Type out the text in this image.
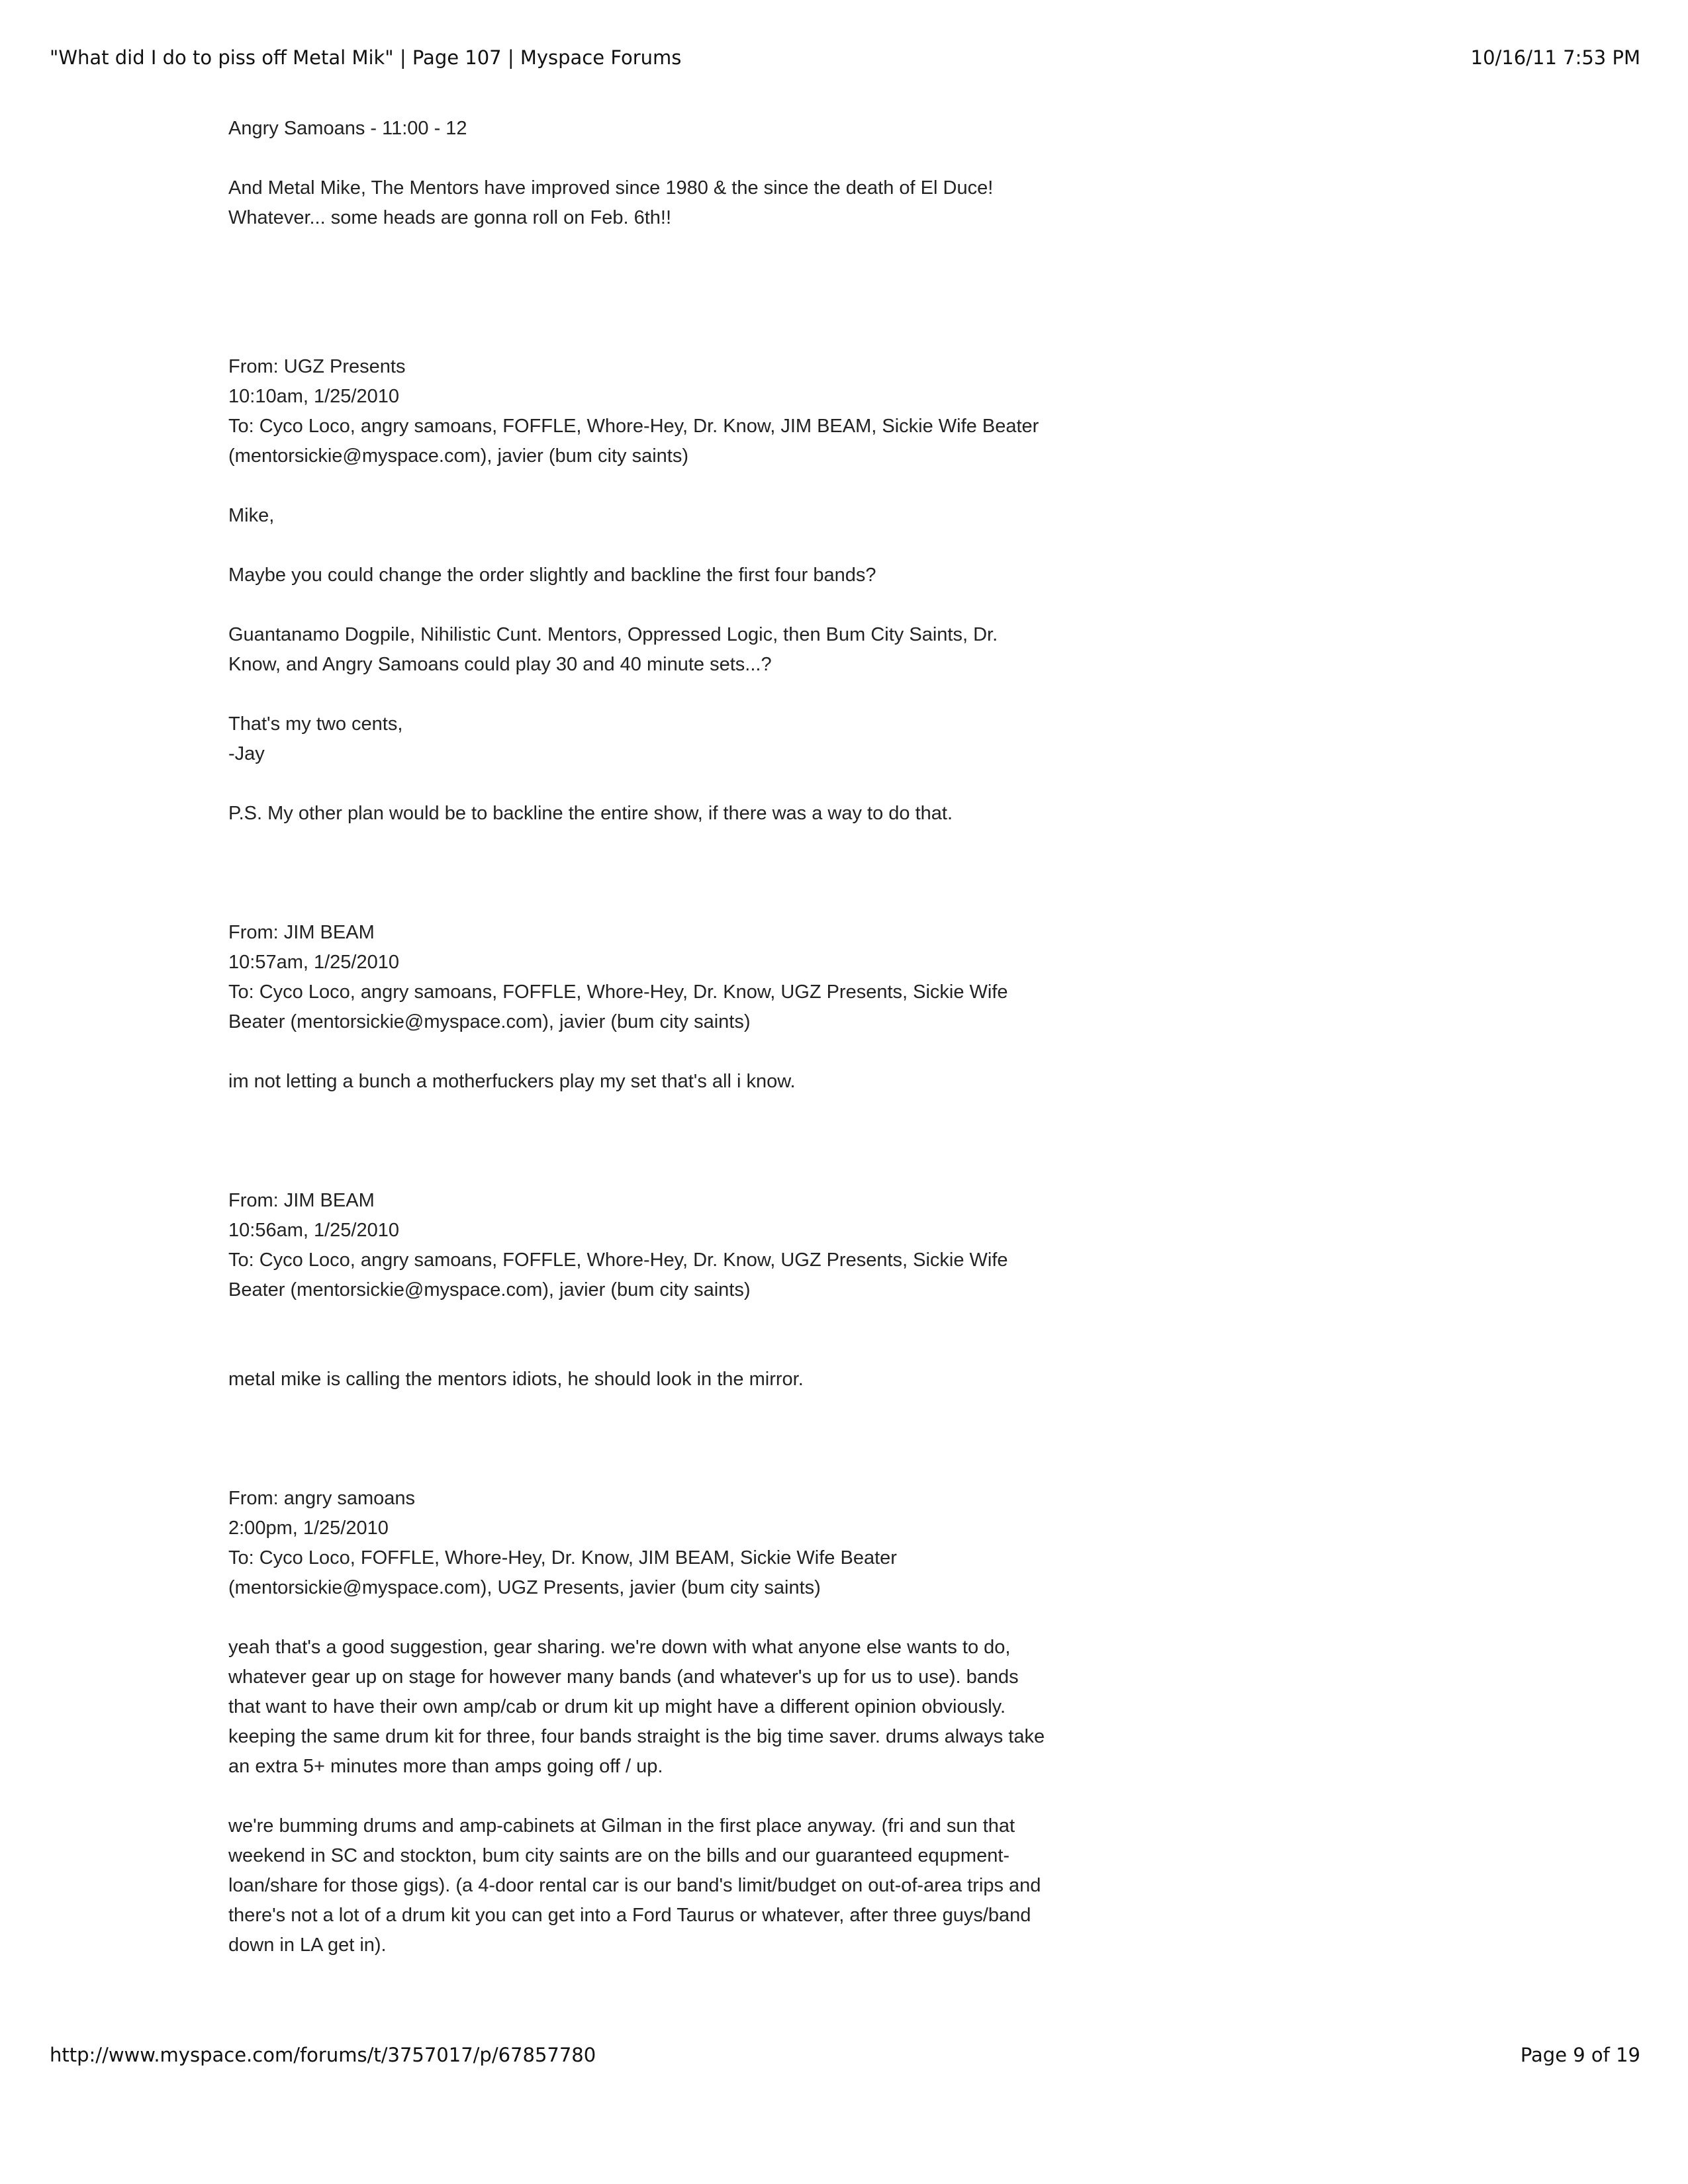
"What did I do to piss off Metal Mik" | Page 107 | Myspace Forums	10/16/11 7:53 PM
Angry Samoans - 11:00 - 12
And Metal Mike, The Mentors have improved since 1980 & the since the death of El Duce!
Whatever... some heads are gonna roll on Feb. 6th!!
From: UGZ Presents
10:10am, 1/25/2010
To: Cyco Loco, angry samoans, FOFFLE, Whore-Hey, Dr. Know, JIM BEAM, Sickie Wife Beater
(mentorsickie@myspace.com), javier (bum city saints)
Mike,
Maybe you could change the order slightly and backline the first four bands?
Guantanamo Dogpile, Nihilistic Cunt. Mentors, Oppressed Logic, then Bum City Saints, Dr.
Know, and Angry Samoans could play 30 and 40 minute sets...?
That's my two cents,
-Jay
P.S. My other plan would be to backline the entire show, if there was a way to do that.
From: JIM BEAM
10:57am, 1/25/2010
To: Cyco Loco, angry samoans, FOFFLE, Whore-Hey, Dr. Know, UGZ Presents, Sickie Wife
Beater (mentorsickie@myspace.com), javier (bum city saints)
im not letting a bunch a motherfuckers play my set that's all i know.
From: JIM BEAM
10:56am, 1/25/2010
To: Cyco Loco, angry samoans, FOFFLE, Whore-Hey, Dr. Know, UGZ Presents, Sickie Wife
Beater (mentorsickie@myspace.com), javier (bum city saints)
metal mike is calling the mentors idiots, he should look in the mirror.
From: angry samoans
2:00pm, 1/25/2010
To: Cyco Loco, FOFFLE, Whore-Hey, Dr. Know, JIM BEAM, Sickie Wife Beater
(mentorsickie@myspace.com), UGZ Presents, javier (bum city saints)
yeah that's a good suggestion, gear sharing. we're down with what anyone else wants to do,
whatever gear up on stage for however many bands (and whatever's up for us to use). bands
that want to have their own amp/cab or drum kit up might have a different opinion obviously.
keeping the same drum kit for three, four bands straight is the big time saver. drums always take
an extra 5+ minutes more than amps going off / up.
we're bumming drums and amp-cabinets at Gilman in the first place anyway. (fri and sun that
weekend in SC and stockton, bum city saints are on the bills and our guaranteed equpment-
loan/share for those gigs). (a 4-door rental car is our band's limit/budget on out-of-area trips and
there's not a lot of a drum kit you can get into a Ford Taurus or whatever, after three guys/band
down in LA get in).
http://www.myspace.com/forums/t/3757017/p/67857780	Page 9 of 19
